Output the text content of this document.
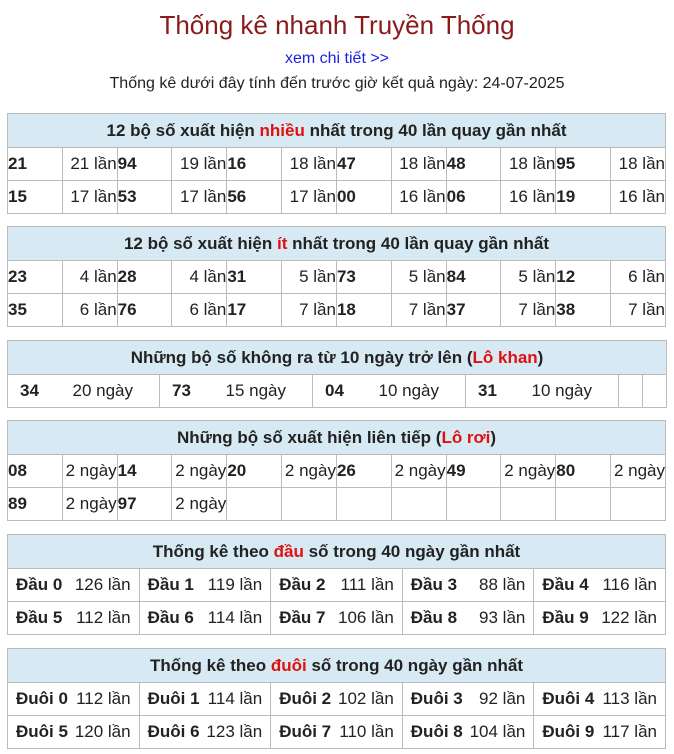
Thống kê nhanh Truyền Thống
xem chi tiết >>
Thống kê dưới đây tính đến trước giờ kết quả ngày: 24-07-2025
12 bộ số xuất hiện nhiều nhất trong 40 lần quay gần nhất											
21	21 lần	94	19 lần	16	18 lần	47	18 lần	48	18 lần	95	18 lần
15	17 lần	53	17 lần	56	17 lần	00	16 lần	06	16 lần	19	16 lần
12 bộ số xuất hiện ít nhất trong 40 lần quay gần nhất											
23	4 lần	28	4 lần	31	5 lần	73	5 lần	84	5 lần	12	6 lần
35	6 lần	76	6 lần	17	7 lần	18	7 lần	37	7 lần	38	7 lần
Những bộ số không ra từ 10 ngày trở lên (Lô khan)

34 20 ngày	73 15 ngày	04 10 ngày	31 10 ngày

Những bộ số xuất hiện liên tiếp (Lô rơi)											
08	2 ngày	14	2 ngày	20	2 ngày	26	2 ngày	49	2 ngày	80	2 ngày
89	2 ngày	97	2 ngày								
Thống kê theo đầu số trong 40 ngày gần nhất				

Đầu 0 126 lần	Đầu 1 119 lần	Đầu 2 111 lần	Đầu 3 88 lần	Đầu 4 116 lần

Đầu 5 112 lần	Đầu 6 114 lần	Đầu 7 106 lần	Đầu 8 93 lần	Đầu 9 122 lần
Thống kê theo đuôi số trong 40 ngày gần nhất				

Đuôi 0 112 lần	Đuôi 1 114 lần	Đuôi 2 102 lần	Đuôi 3 92 lần	Đuôi 4 113 lần

Đuôi 5 120 lần	Đuôi 6 123 lần	Đuôi 7 110 lần	Đuôi 8 104 lần	Đuôi 9 117 lần
